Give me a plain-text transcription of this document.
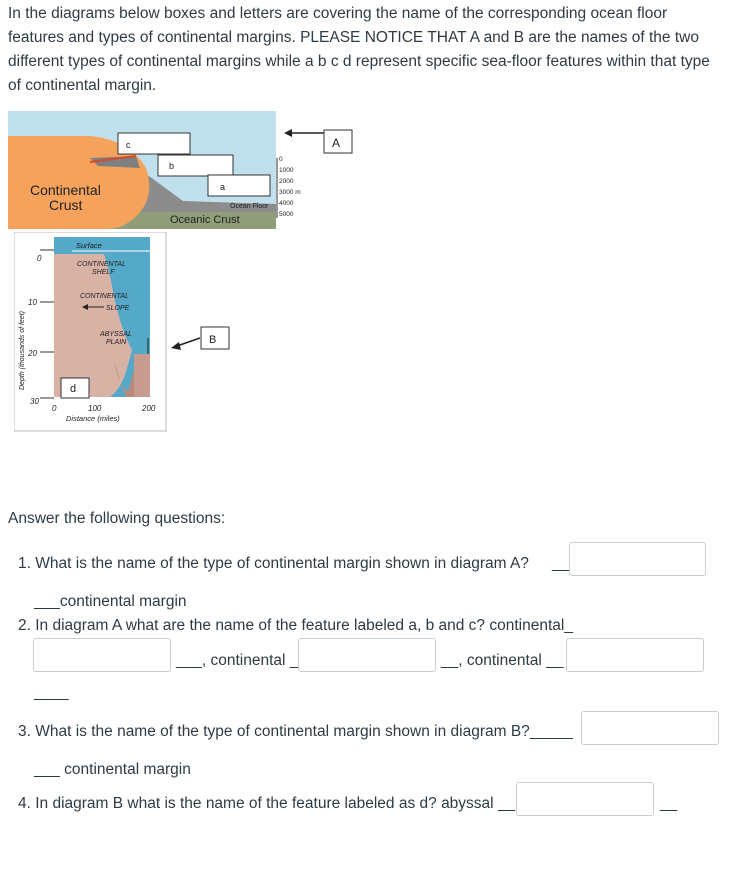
In the diagrams below boxes and letters are covering the name of the corresponding ocean floor features and types of continental margins. PLEASE NOTICE THAT A and B are the names of the two different types of continental margins while a b c d represent specific sea-floor features within that type of continental margin.

c
b
a
Continental
Crust
Oceanic Crust
Ocean Floor
0
1000
2000
3000 m
4000
5000
A
0
10
20
30
Depth (thousands of feet)
0	100	200
Distance (miles)
Surface
CONTINENTAL
SHELF
CONTINENTAL
SLOPE
ABYSSAL
PLAIN
d
B

Answer the following questions:

1. What is the name of the type of continental margin shown in diagram A? __
___continental margin
2. In diagram A what are the name of the feature labeled a, b and c? continental_
___, continental _	__, continental __
____
3. What is the name of the type of continental margin shown in diagram B?_____
___ continental margin
4. In diagram B what is the name of the feature labeled as d? abyssal __	__
